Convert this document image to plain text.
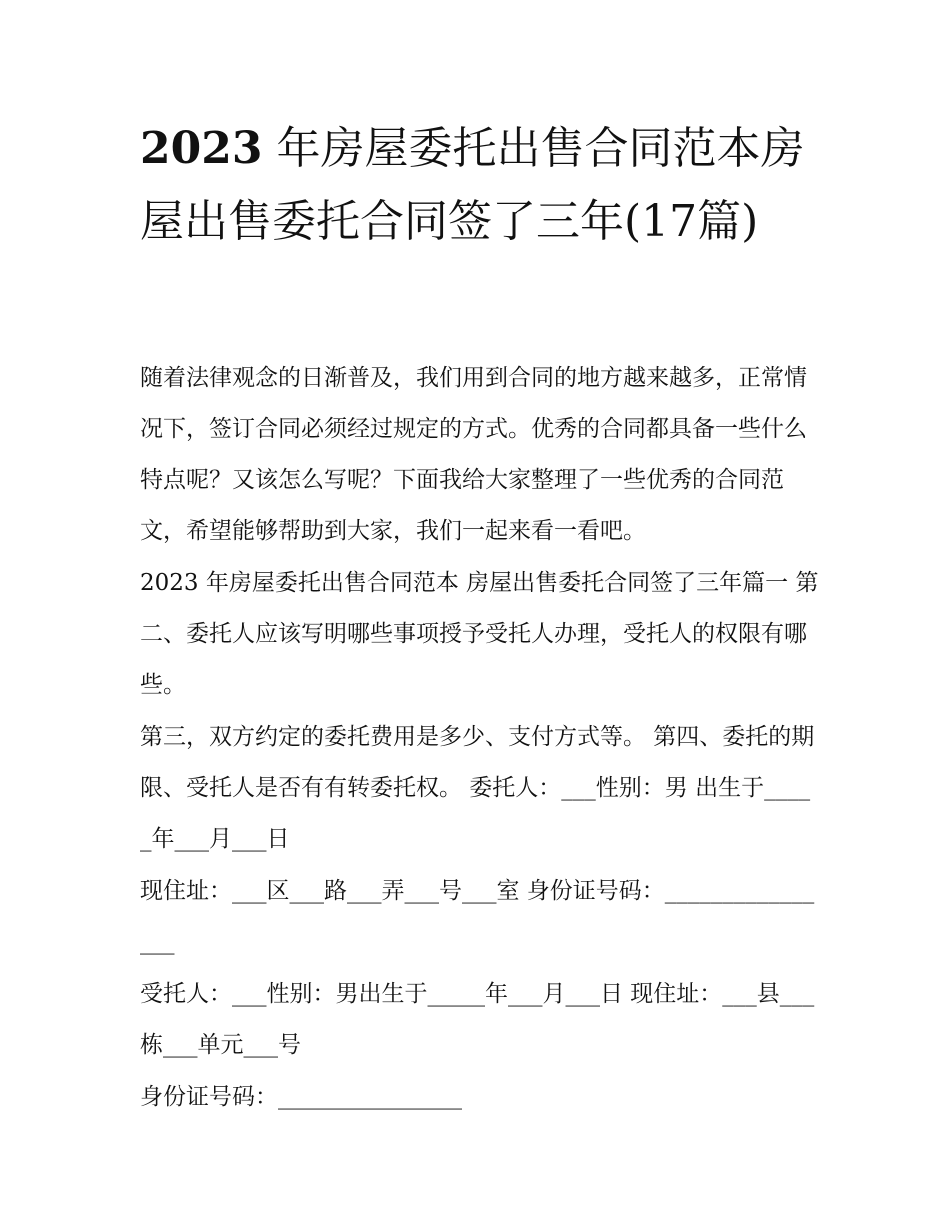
2023 年房屋委托出售合同范本房屋出售委托合同签了三年(17篇)

随着法律观念的日渐普及，我们用到合同的地方越来越多，正常情况下，签订合同必须经过规定的方式。优秀的合同都具备一些什么特点呢？又该怎么写呢？下面我给大家整理了一些优秀的合同范文，希望能够帮助到大家，我们一起来看一看吧。

2023 年房屋委托出售合同范本 房屋出售委托合同签了三年篇一 第二、委托人应该写明哪些事项授予受托人办理，受托人的权限有哪些。

第三，双方约定的委托费用是多少、支付方式等。 第四、委托的期限、受托人是否有有转委托权。 委托人：___性别：男 出生于_____年___月___日

现住址：___区___路___弄___号___室 身份证号码：________________

受托人：___性别：男出生于_____年___月___日 现住址：___县___栋___单元___号

身份证号码：________________
